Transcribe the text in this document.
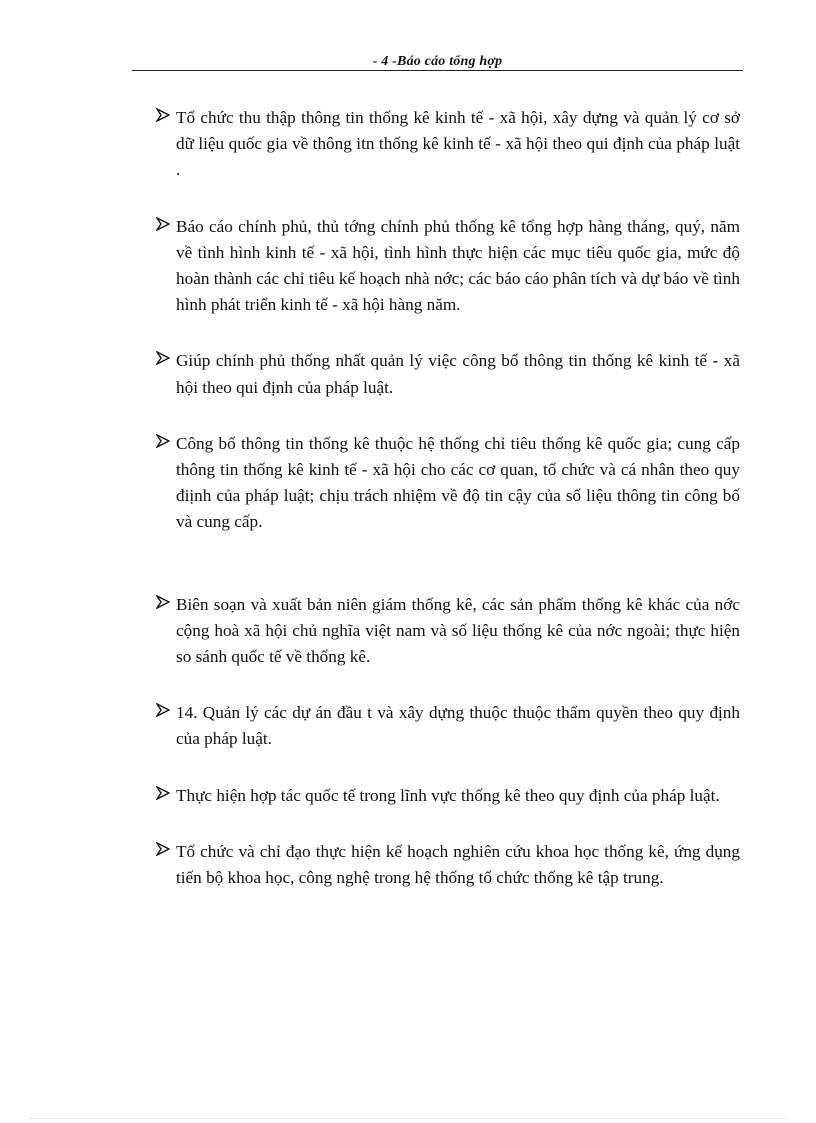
- 4 -Báo cáo tổng hợp
Tổ chức thu thập thông tin thống kê kinh tế - xã hội, xây dựng và quản lý cơ sở dữ liệu quốc gia về thông itn thống kê kinh tế - xã hội theo qui định của pháp luật .
Báo cáo chính phủ, thủ tớng chính phủ thống kê tổng hợp hàng tháng, quý, năm về tình hình kinh tế - xã hội, tình hình thực hiện các mục tiêu quốc gia, mức độ hoàn thành các chỉ tiêu kế hoạch nhà nớc; các báo cáo phân tích và dự báo về tình hình phát triển kinh tế - xã hội hàng năm.
Giúp chính phủ thống nhất quản lý việc công bố thông tin thống kê kinh tế - xã hội theo qui định của pháp luật.
Công bố thông tin thống kê thuộc hệ thống chỉ tiêu thống kê quốc gia; cung cấp thông tin thống kê kinh tế - xã hội cho các cơ quan, tổ chức và cá nhân theo quy điịnh của pháp luật; chịu trách nhiệm về độ tin cậy của số liệu thông tin công bố và cung cấp.
Biên soạn và xuất bản niên giám thống kê, các sản phẩm thống kê khác của nớc cộng hoà xã hội chủ nghĩa việt nam và số liệu thống kê của nớc ngoài; thực hiện so sánh quốc tế về thống kê.
14. Quản lý các dự án đầu t và xây dựng thuộc thuộc thẩm quyền theo quy định của pháp luật.
Thực hiện hợp tác quốc tế trong lĩnh vực thống kê theo quy định của pháp luật.
Tổ chức và chỉ đạo thực hiện kế hoạch nghiên cứu khoa học thống kê, ứng dụng tiến bộ khoa học, công nghệ trong hệ thống tổ chức thống kê tập trung.
